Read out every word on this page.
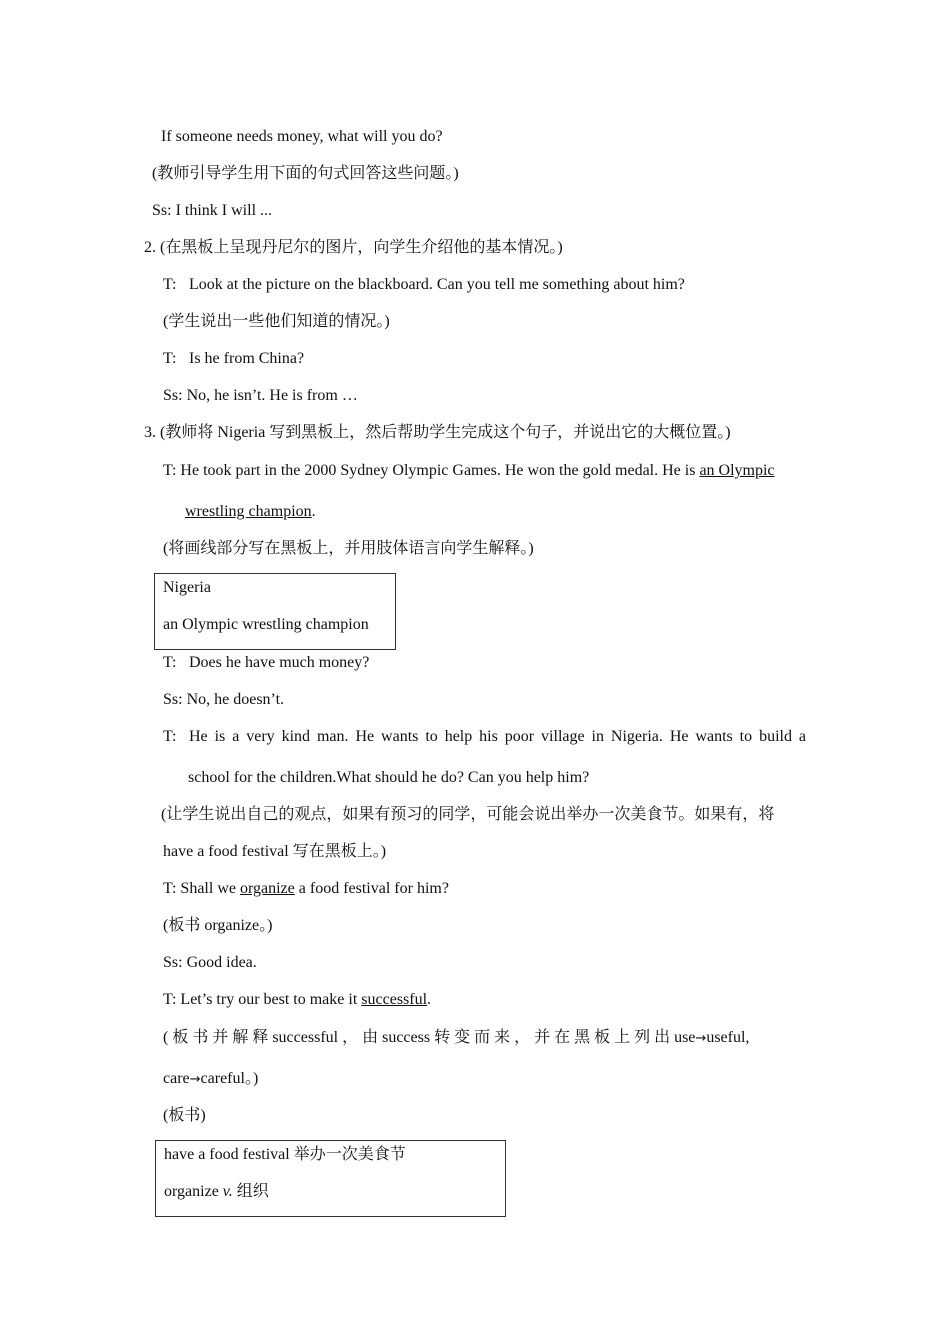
If someone needs money, what will you do?
(教师引导学生用下面的句式回答这些问题。)
Ss: I think I will ...
2. (在黑板上呈现丹尼尔的图片，向学生介绍他的基本情况。)
T: Look at the picture on the blackboard. Can you tell me something about him?
(学生说出一些他们知道的情况。)
T: Is he from China?
Ss: No, he isn’t. He is from …
3. (教师将 Nigeria 写到黑板上，然后帮助学生完成这个句子，并说出它的大概位置。)
T: He took part in the 2000 Sydney Olympic Games. He won the gold medal. He is an Olympic
wrestling champion.
(将画线部分写在黑板上，并用肢体语言向学生解释。)
Nigeria
an Olympic wrestling champion
T: Does he have much money?
Ss: No, he doesn’t.
T: He is a very kind man. He wants to help his poor village in Nigeria. He wants to build a
school for the children.What should he do? Can you help him?
(让学生说出自己的观点，如果有预习的同学，可能会说出举办一次美食节。如果有，将
have a food festival 写在黑板上。)
T: Shall we organize a food festival for him?
(板书 organize。)
Ss: Good idea.
T: Let’s try our best to make it successful.
( 板 书 并 解 释 successful ， 由 success 转 变 而 来 ， 并 在 黑 板 上 列 出 use→useful,
care→careful。)
(板书)
have a food festival 举办一次美食节
organize v. 组织
